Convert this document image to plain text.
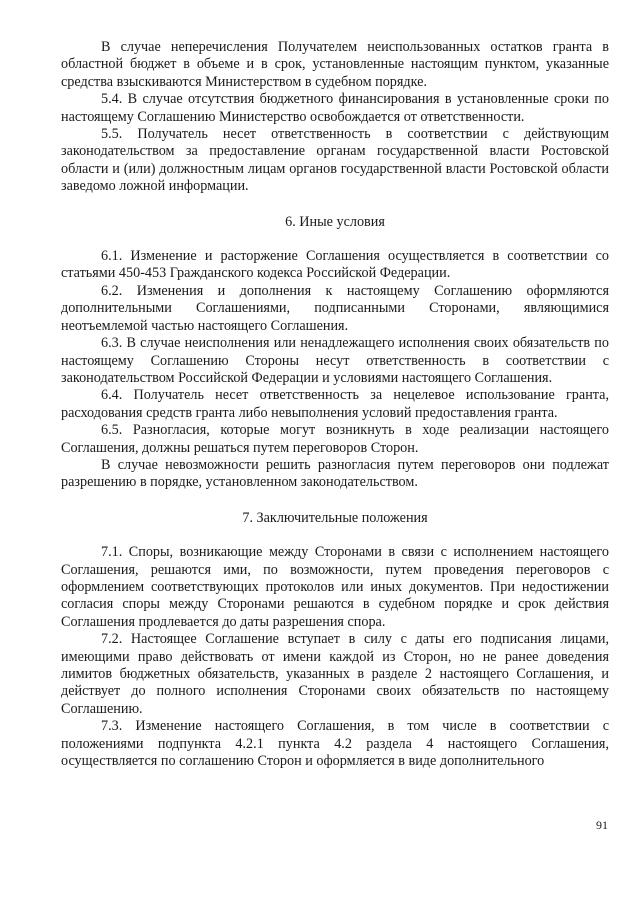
В случае неперечисления Получателем неиспользованных остатков гранта в областной бюджет в объеме и в срок, установленные настоящим пунктом, указанные средства взыскиваются Министерством в судебном порядке.

5.4. В случае отсутствия бюджетного финансирования в установленные сроки по настоящему Соглашению Министерство освобождается от ответственности.

5.5. Получатель несет ответственность в соответствии с действующим законодательством за предоставление органам государственной власти Ростовской области и (или) должностным лицам органов государственной власти Ростовской области заведомо ложной информации.

6. Иные условия

6.1. Изменение и расторжение Соглашения осуществляется в соответствии со статьями 450-453 Гражданского кодекса Российской Федерации.

6.2. Изменения и дополнения к настоящему Соглашению оформляются дополнительными Соглашениями, подписанными Сторонами, являющимися неотъемлемой частью настоящего Соглашения.

6.3. В случае неисполнения или ненадлежащего исполнения своих обязательств по настоящему Соглашению Стороны несут ответственность в соответствии с законодательством Российской Федерации и условиями настоящего Соглашения.

6.4. Получатель несет ответственность за нецелевое использование гранта, расходования средств гранта либо невыполнения условий предоставления гранта.

6.5. Разногласия, которые могут возникнуть в ходе реализации настоящего Соглашения, должны решаться путем переговоров Сторон.

В случае невозможности решить разногласия путем переговоров они подлежат разрешению в порядке, установленном законодательством.

7. Заключительные положения

7.1. Споры, возникающие между Сторонами в связи с исполнением настоящего Соглашения, решаются ими, по возможности, путем проведения переговоров с оформлением соответствующих протоколов или иных документов. При недостижении согласия споры между Сторонами решаются в судебном порядке и срок действия Соглашения продлевается до даты разрешения спора.

7.2. Настоящее Соглашение вступает в силу с даты его подписания лицами, имеющими право действовать от имени каждой из Сторон, но не ранее доведения лимитов бюджетных обязательств, указанных в разделе 2 настоящего Соглашения, и действует до полного исполнения Сторонами своих обязательств по настоящему Соглашению.

7.3. Изменение настоящего Соглашения, в том числе в соответствии с положениями подпункта 4.2.1 пункта 4.2 раздела 4 настоящего Соглашения, осуществляется по соглашению Сторон и оформляется в виде дополнительного

91
